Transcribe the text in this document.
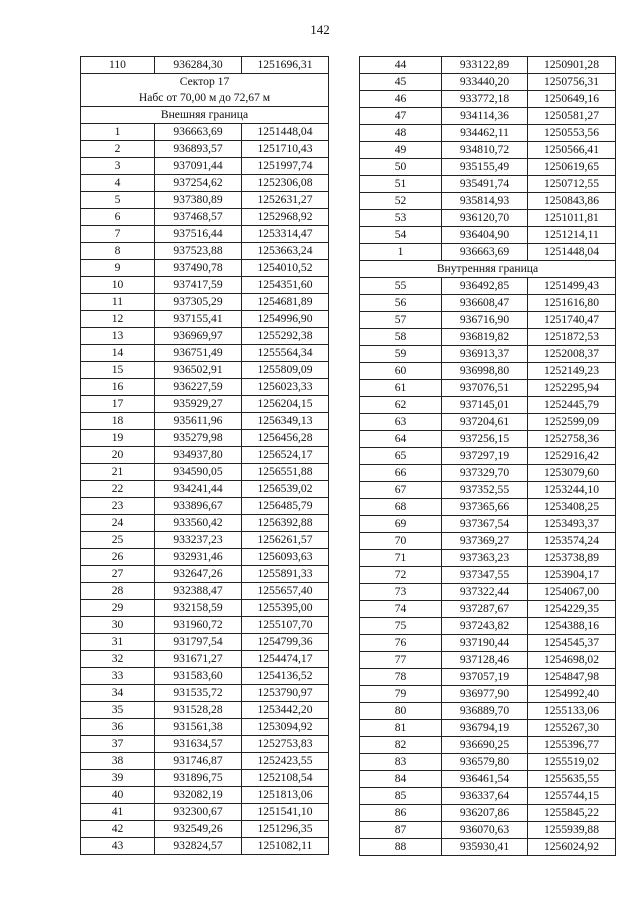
142
110	936284,30	1251696,31

Сектор 17
Набс от 70,00 м до 72,67 м		

Внешняя граница		
1	936663,69	1251448,04
2	936893,57	1251710,43
3	937091,44	1251997,74
4	937254,62	1252306,08
5	937380,89	1252631,27
6	937468,57	1252968,92
7	937516,44	1253314,47
8	937523,88	1253663,24
9	937490,78	1254010,52
10	937417,59	1254351,60
11	937305,29	1254681,89
12	937155,41	1254996,90
13	936969,97	1255292,38
14	936751,49	1255564,34
15	936502,91	1255809,09
16	936227,59	1256023,33
17	935929,27	1256204,15
18	935611,96	1256349,13
19	935279,98	1256456,28
20	934937,80	1256524,17
21	934590,05	1256551,88
22	934241,44	1256539,02
23	933896,67	1256485,79
24	933560,42	1256392,88
25	933237,23	1256261,57
26	932931,46	1256093,63
27	932647,26	1255891,33
28	932388,47	1255657,40
29	932158,59	1255395,00
30	931960,72	1255107,70
31	931797,54	1254799,36
32	931671,27	1254474,17
33	931583,60	1254136,52
34	931535,72	1253790,97
35	931528,28	1253442,20
36	931561,38	1253094,92
37	931634,57	1252753,83
38	931746,87	1252423,55
39	931896,75	1252108,54
40	932082,19	1251813,06
41	932300,67	1251541,10
42	932549,26	1251296,35
43	932824,57	1251082,11
44	933122,89	1250901,28
45	933440,20	1250756,31
46	933772,18	1250649,16
47	934114,36	1250581,27
48	934462,11	1250553,56
49	934810,72	1250566,41
50	935155,49	1250619,65
51	935491,74	1250712,55
52	935814,93	1250843,86
53	936120,70	1251011,81
54	936404,90	1251214,11
1	936663,69	1251448,04
Внутренняя граница		
55	936492,85	1251499,43
56	936608,47	1251616,80
57	936716,90	1251740,47
58	936819,82	1251872,53
59	936913,37	1252008,37
60	936998,80	1252149,23
61	937076,51	1252295,94
62	937145,01	1252445,79
63	937204,61	1252599,09
64	937256,15	1252758,36
65	937297,19	1252916,42
66	937329,70	1253079,60
67	937352,55	1253244,10
68	937365,66	1253408,25
69	937367,54	1253493,37
70	937369,27	1253574,24
71	937363,23	1253738,89
72	937347,55	1253904,17
73	937322,44	1254067,00
74	937287,67	1254229,35
75	937243,82	1254388,16
76	937190,44	1254545,37
77	937128,46	1254698,02
78	937057,19	1254847,98
79	936977,90	1254992,40
80	936889,70	1255133,06
81	936794,19	1255267,30
82	936690,25	1255396,77
83	936579,80	1255519,02
84	936461,54	1255635,55
85	936337,64	1255744,15
86	936207,86	1255845,22
87	936070,63	1255939,88
88	935930,41	1256024,92
